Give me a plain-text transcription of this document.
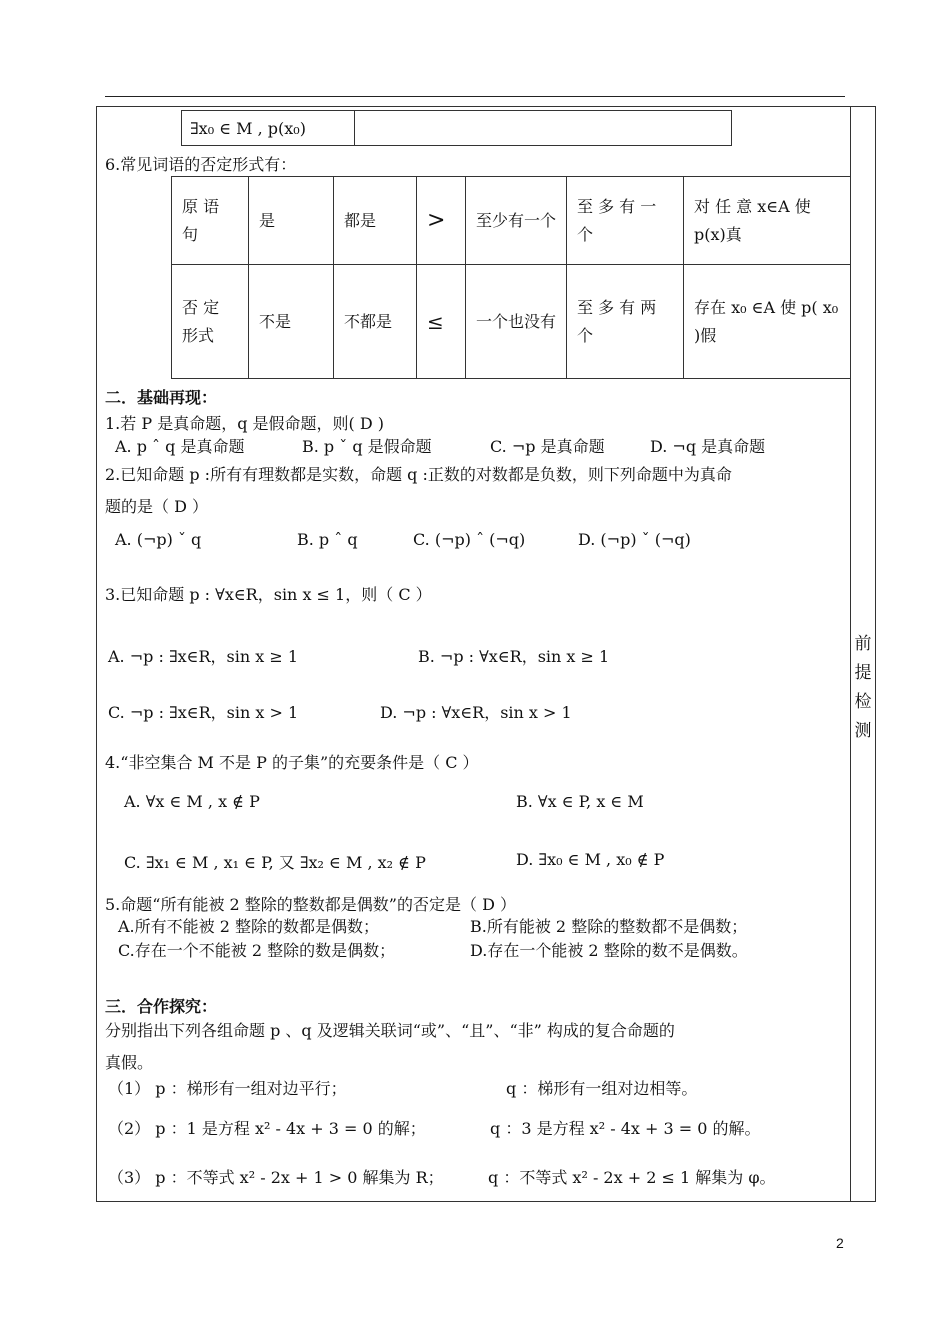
∃x₀ ∈ M , p(x₀)	
6.常见词语的否定形式有：
原 语 句	是	都是	>	至少有一个	至 多 有 一 个	对 任 意 x∈A 使 p(x)真
否 定 形式	不是	不都是	≤	一个也没有	至 多 有 两 个	存在 x₀ ∈A 使 p( x₀ )假
二．基础再现：
1.若 P 是真命题，q 是假命题，则( D )
A. p ˆ q 是真命题	B. p ˇ q 是假命题	C. ¬p 是真命题	D. ¬q 是真命题
2.已知命题 p :所有有理数都是实数，命题 q :正数的对数都是负数，则下列命题中为真命
题的是（ D ）
A. (¬p) ˇ q	B. p ˆ q	C. (¬p) ˆ (¬q)	D. (¬p) ˇ (¬q)
3.已知命题 p : ∀x∈R，sin x ≤ 1，则（ C ）
A. ¬p : ∃x∈R，sin x ≥ 1	B. ¬p : ∀x∈R，sin x ≥ 1
C. ¬p : ∃x∈R，sin x > 1	D. ¬p : ∀x∈R，sin x > 1
4.“非空集合 M 不是 P 的子集”的充要条件是（ C ）
A. ∀x ∈ M , x ∉ P	B. ∀x ∈ P, x ∈ M
C. ∃x₁ ∈ M , x₁ ∈ P, 又 ∃x₂ ∈ M , x₂ ∉ P	D. ∃x₀ ∈ M , x₀ ∉ P
5.命题“所有能被 2 整除的整数都是偶数”的否定是（ D ）
A.所有不能被 2 整除的数都是偶数；	B.所有能被 2 整除的整数都不是偶数；
C.存在一个不能被 2 整除的数是偶数；	D.存在一个能被 2 整除的数不是偶数。
三．合作探究：
分别指出下列各组命题 p 、q 及逻辑关联词“或”、“且”、“非” 构成的复合命题的
真假。
（1） p ：梯形有一组对边平行；	q ：梯形有一组对边相等。
（2） p ：1 是方程 x² - 4x + 3 = 0 的解；	q ：3 是方程 x² - 4x + 3 = 0 的解。
（3） p ：不等式 x² - 2x + 1 > 0 解集为 R；	q ：不等式 x² - 2x + 2 ≤ 1 解集为 φ。
前
提
检
测
2
